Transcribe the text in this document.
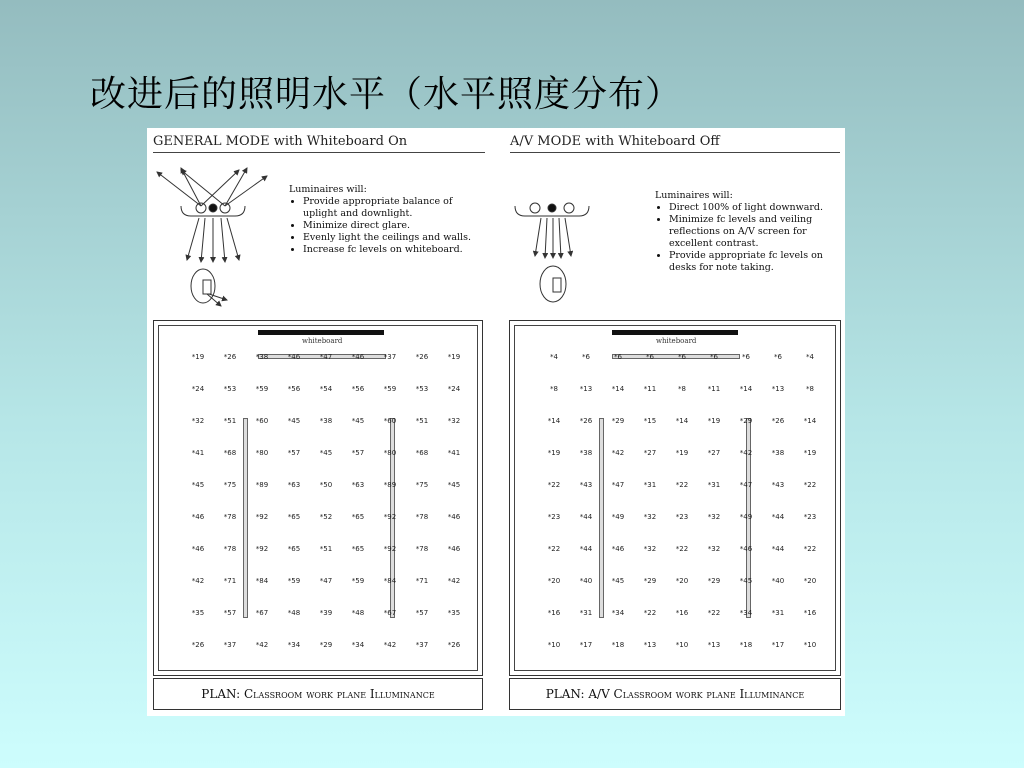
改进后的照明水平（水平照度分布）
GENERAL MODE with Whiteboard On
Luminaires will:
• Provide appropriate balance of uplight and downlight.
• Minimize direct glare.
• Evenly light the ceilings and walls.
• Increase fc levels on whiteboard.
whiteboard
*19	*26	*38	*46	*47	*46	*37	*26	*19
*24	*53	*59	*56	*54	*56	*59	*53	*24
*32	*51	*60	*45	*38	*45	*60	*51	*32
*41	*68	*80	*57	*45	*57	*80	*68	*41
*45	*75	*89	*63	*50	*63	*89	*75	*45
*46	*78	*92	*65	*52	*65	*92	*78	*46
*46	*78	*92	*65	*51	*65	*92	*78	*46
*42	*71	*84	*59	*47	*59	*84	*71	*42
*35	*57	*67	*48	*39	*48	*67	*57	*35
*26	*37	*42	*34	*29	*34	*42	*37	*26
PLAN: Classroom work plane Illuminance
A/V MODE with Whiteboard Off
Luminaires will:
• Direct 100% of light downward.
• Minimize fc levels and veiling reflections on A/V screen for excellent contrast.
• Provide appropriate fc levels on desks for note taking.
whiteboard
*4	*6	*6	*6	*6	*6	*6	*6	*4
*8	*13	*14	*11	*8	*11	*14	*13	*8
*14	*26	*29	*15	*14	*19	*29	*26	*14
*19	*38	*42	*27	*19	*27	*42	*38	*19
*22	*43	*47	*31	*22	*31	*47	*43	*22
*23	*44	*49	*32	*23	*32	*49	*44	*23
*22	*44	*46	*32	*22	*32	*46	*44	*22
*20	*40	*45	*29	*20	*29	*45	*40	*20
*16	*31	*34	*22	*16	*22	*34	*31	*16
*10	*17	*18	*13	*10	*13	*18	*17	*10
PLAN: A/V Classroom work plane Illuminance
